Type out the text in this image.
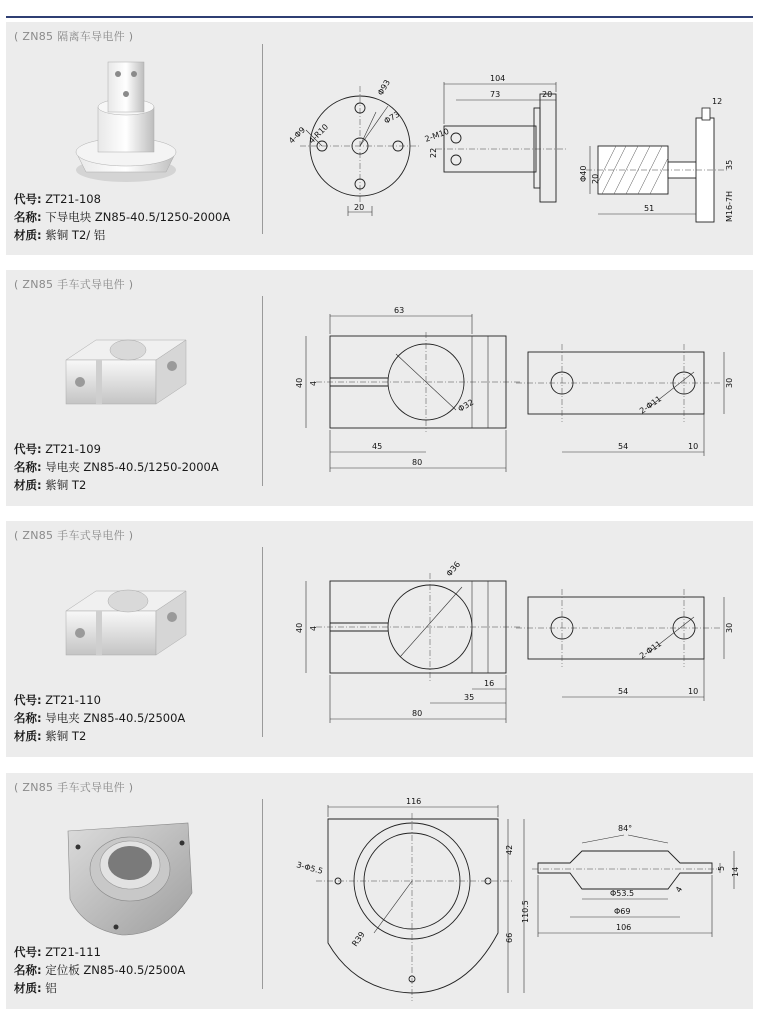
( ZN85 隔离车导电件 )
代号: ZT21-108
名称: 下导电块 ZN85-40.5/1250-2000A
材质: 紫铜 T2/ 铝
Φ93
Φ73
4-Φ9 4-R10
20
104
73	20
2-M10
22
Φ40 20
51
12
M16-7H
35
( ZN85 手车式导电件 )
代号: ZT21-109
名称: 导电夹 ZN85-40.5/1250-2000A
材质: 紫铜 T2
Φ32
63
40 4
45
80
2-Φ11
30
54	10
( ZN85 手车式导电件 )
代号: ZT21-110
名称: 导电夹 ZN85-40.5/2500A
材质: 紫铜 T2
Φ36
40 4
16
35
80
2-Φ11
30
54	10
( ZN85 手车式导电件 )
代号: ZT21-111
名称: 定位板 ZN85-40.5/2500A
材质: 铝
R39
116
3-Φ5.5
42
66
110.5
84°
Φ53.5
Φ69
106
5 14
4
